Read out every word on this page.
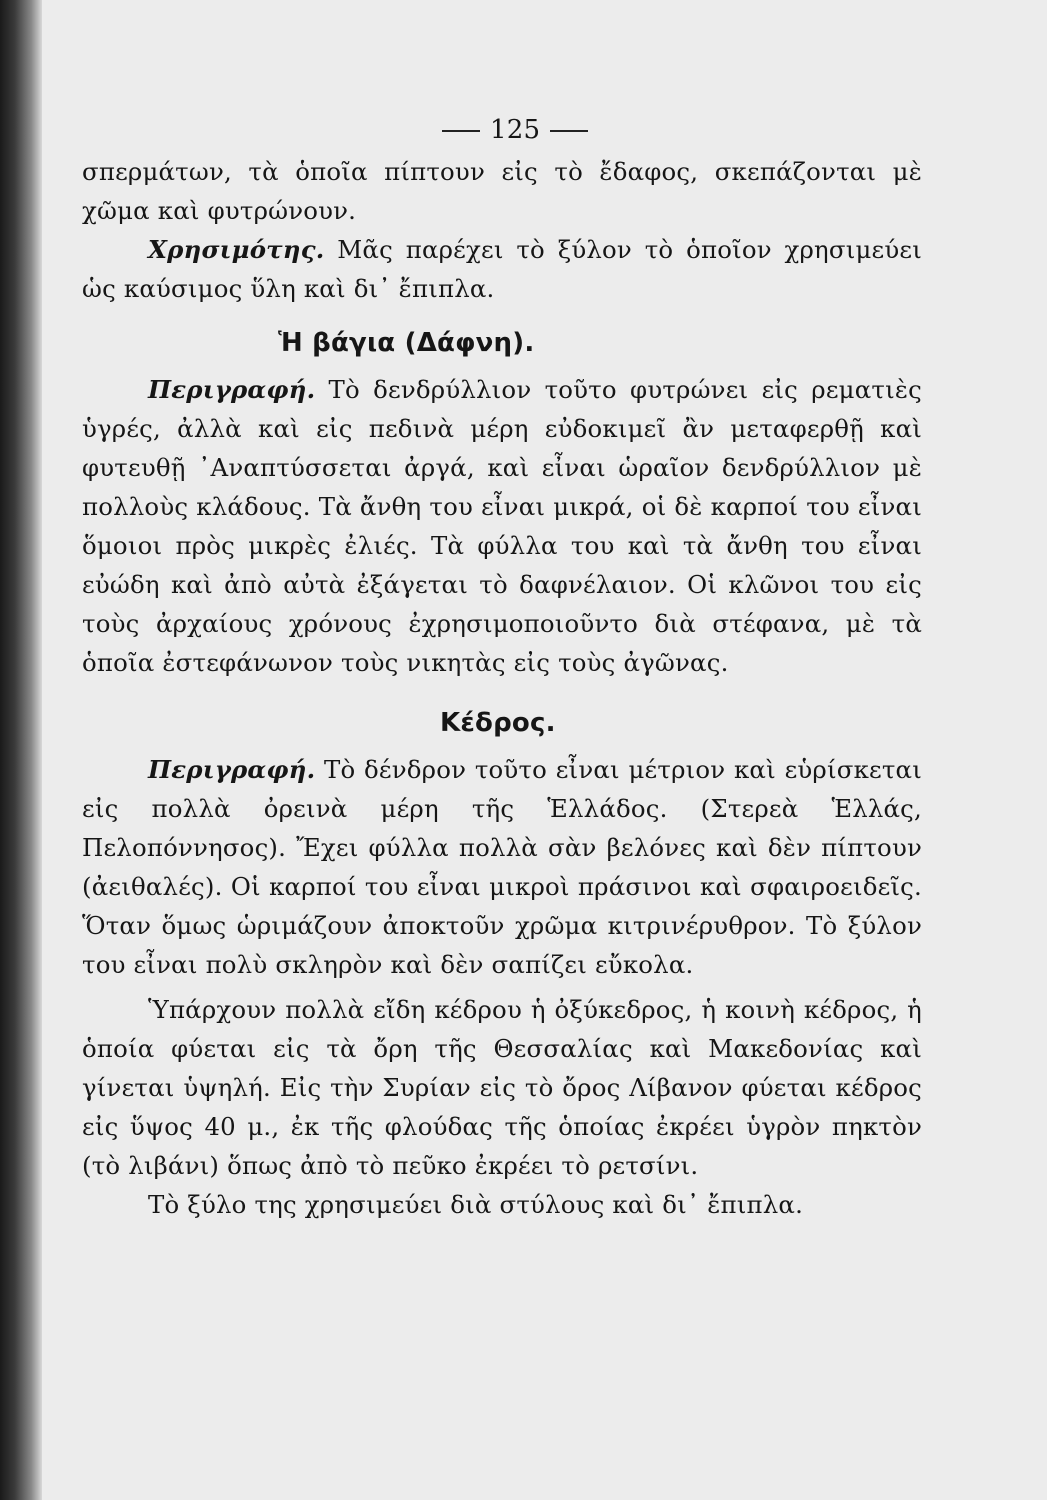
125

σπερμάτων, τὰ ὁποῖα πίπτουν εἰς τὸ ἔδαφος, σκεπάζονται μὲ χῶμα καὶ φυτρώνουν.

Χρησιμότης. Μᾶς παρέχει τὸ ξύλον τὸ ὁποῖον χρησιμεύει ὡς καύσιμος ὕλη καὶ δι᾿ ἔπιπλα.

Ἡ βάγια (Δάφνη).

Περιγραφή. Τὸ δενδρύλλιον τοῦτο φυτρώνει εἰς ρεματιὲς ὑγρές, ἀλλὰ καὶ εἰς πεδινὰ μέρη εὐδοκιμεῖ ἂν μεταφερθῇ καὶ φυτευθῇ ᾿Αναπτύσσεται ἀργά, καὶ εἶναι ὡραῖον δενδρύλλιον μὲ πολλοὺς κλάδους. Τὰ ἄνθη του εἶναι μικρά, οἱ δὲ καρποί του εἶναι ὅμοιοι πρὸς μικρὲς ἐλιές. Τὰ φύλλα του καὶ τὰ ἄνθη του εἶναι εὐώδη καὶ ἀπὸ αὐτὰ ἐξάγεται τὸ δαφνέλαιον. Οἱ κλῶνοι του εἰς τοὺς ἀρχαίους χρόνους ἐχρησιμοποιοῦντο διὰ στέφανα, μὲ τὰ ὁποῖα ἐστεφάνωνον τοὺς νικητὰς εἰς τοὺς ἀγῶνας.

Κέδρος.

Περιγραφή. Τὸ δένδρον τοῦτο εἶναι μέτριον καὶ εὑρίσκεται εἰς πολλὰ ὀρεινὰ μέρη τῆς Ἑλλάδος. (Στερεὰ Ἑλλάς, Πελοπόννησος). Ἔχει φύλλα πολλὰ σὰν βελόνες καὶ δὲν πίπτουν (ἀειθαλές). Οἱ καρποί του εἶναι μικροὶ πράσινοι καὶ σφαιροειδεῖς. Ὅταν ὅμως ὡριμάζουν ἀποκτοῦν χρῶμα κιτρινέρυθρον. Τὸ ξύλον του εἶναι πολὺ σκληρὸν καὶ δὲν σαπίζει εὔκολα.

Ὑπάρχουν πολλὰ εἴδη κέδρου ἡ ὀξύκεδρος, ἡ κοινὴ κέδρος, ἡ ὁποία φύεται εἰς τὰ ὄρη τῆς Θεσσαλίας καὶ Μακεδονίας καὶ γίνεται ὑψηλή. Εἰς τὴν Συρίαν εἰς τὸ ὄρος Λίβανον φύεται κέδρος εἰς ὕψος 40 μ., ἐκ τῆς φλούδας τῆς ὁποίας ἐκρέει ὑγρὸν πηκτὸν (τὸ λιβάνι) ὅπως ἀπὸ τὸ πεῦκο ἐκρέει τὸ ρετσίνι.

Τὸ ξύλο της χρησιμεύει διὰ στύλους καὶ δι᾿ ἔπιπλα.
